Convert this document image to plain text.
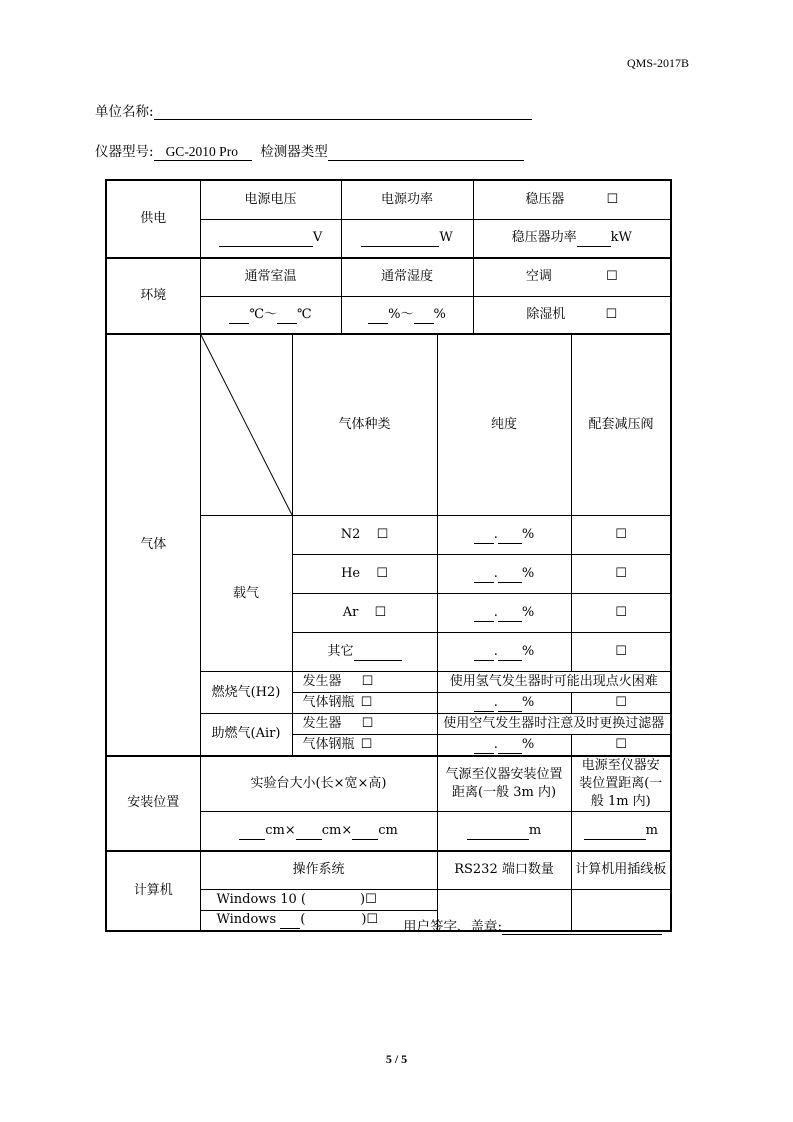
QMS-2017B
单位名称:
仪器型号: GC-2010 Pro 检测器类型
供电	电源电压		电源功率		稳压器 ☐		
	V		W		稳压器功率 kW		
环境	通常室温		通常湿度		空调 ☐		
	℃～ ℃		%～ %		除湿机 ☐		
气体		气体种类		纯度		配套减压阀	
	载气	N2 ☐		. %		☐	
		He ☐		. %		☐	
		Ar ☐		. %		☐	
		其它		. %		☐	
	燃烧气(H2)	发生器 ☐		使用氢气发生器时可能出现点火困难			
		气体钢瓶 ☐		. %		☐	
	助燃气(Air)	发生器 ☐		使用空气发生器时注意及时更换过滤器			
		气体钢瓶 ☐		. %		☐	
安装位置	实验台大小(长×宽×高)			气源至仪器安装位置距离(一般 3m 内)		电源至仪器安装位置距离(一般 1m 内)	
	cm× cm× cm			m		m	
计算机	操作系统			RS232 端口数量		计算机用插线板	
	Windows 10 ( )☐						
	Windows ( )☐						用户签字、盖章:
5 / 5
